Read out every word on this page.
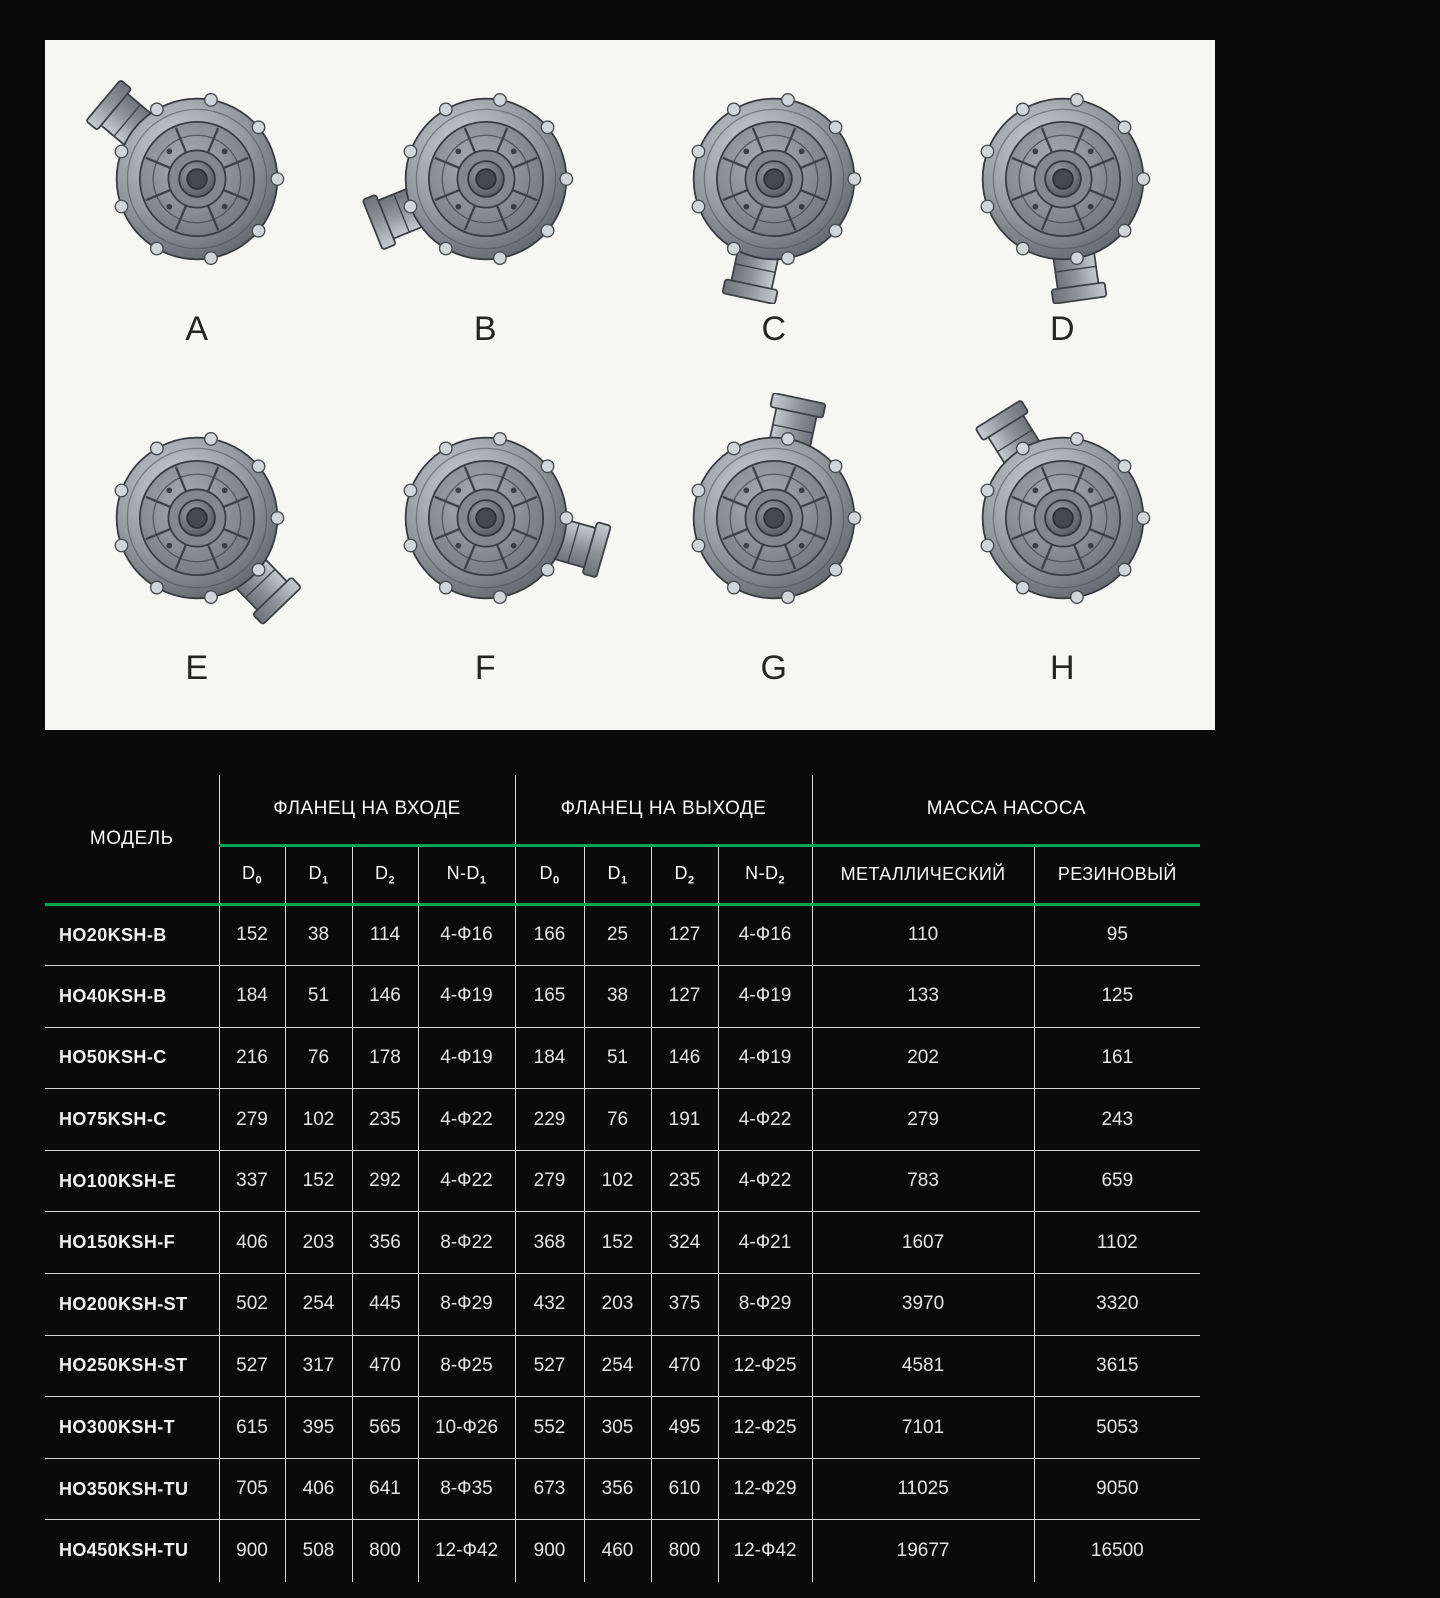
A	B	C	D
E	F	G	H
МОДЕЛЬ	ФЛАНЕЦ НА ВХОДЕ				ФЛАНЕЦ НА ВЫХОДЕ				МАССА НАСОСА	
	$D_0$	$D_1$	$D_2$	$N-D_1$	$D_0$	$D_1$	$D_2$	$N-D_2$	МЕТАЛЛИЧЕСКИЙ	РЕЗИНОВЫЙ
HO20KSH-B	152	38	114	4-Ф16	166	25	127	4-Ф16	110	95
HO40KSH-B	184	51	146	4-Ф19	165	38	127	4-Ф19	133	125
HO50KSH-C	216	76	178	4-Ф19	184	51	146	4-Ф19	202	161
HO75KSH-C	279	102	235	4-Ф22	229	76	191	4-Ф22	279	243
HO100KSH-E	337	152	292	4-Ф22	279	102	235	4-Ф22	783	659
HO150KSH-F	406	203	356	8-Ф22	368	152	324	4-Ф21	1607	1102
HO200KSH-ST	502	254	445	8-Ф29	432	203	375	8-Ф29	3970	3320
HO250KSH-ST	527	317	470	8-Ф25	527	254	470	12-Ф25	4581	3615
HO300KSH-T	615	395	565	10-Ф26	552	305	495	12-Ф25	7101	5053
HO350KSH-TU	705	406	641	8-Ф35	673	356	610	12-Ф29	11025	9050
HO450KSH-TU	900	508	800	12-Ф42	900	460	800	12-Ф42	19677	16500
